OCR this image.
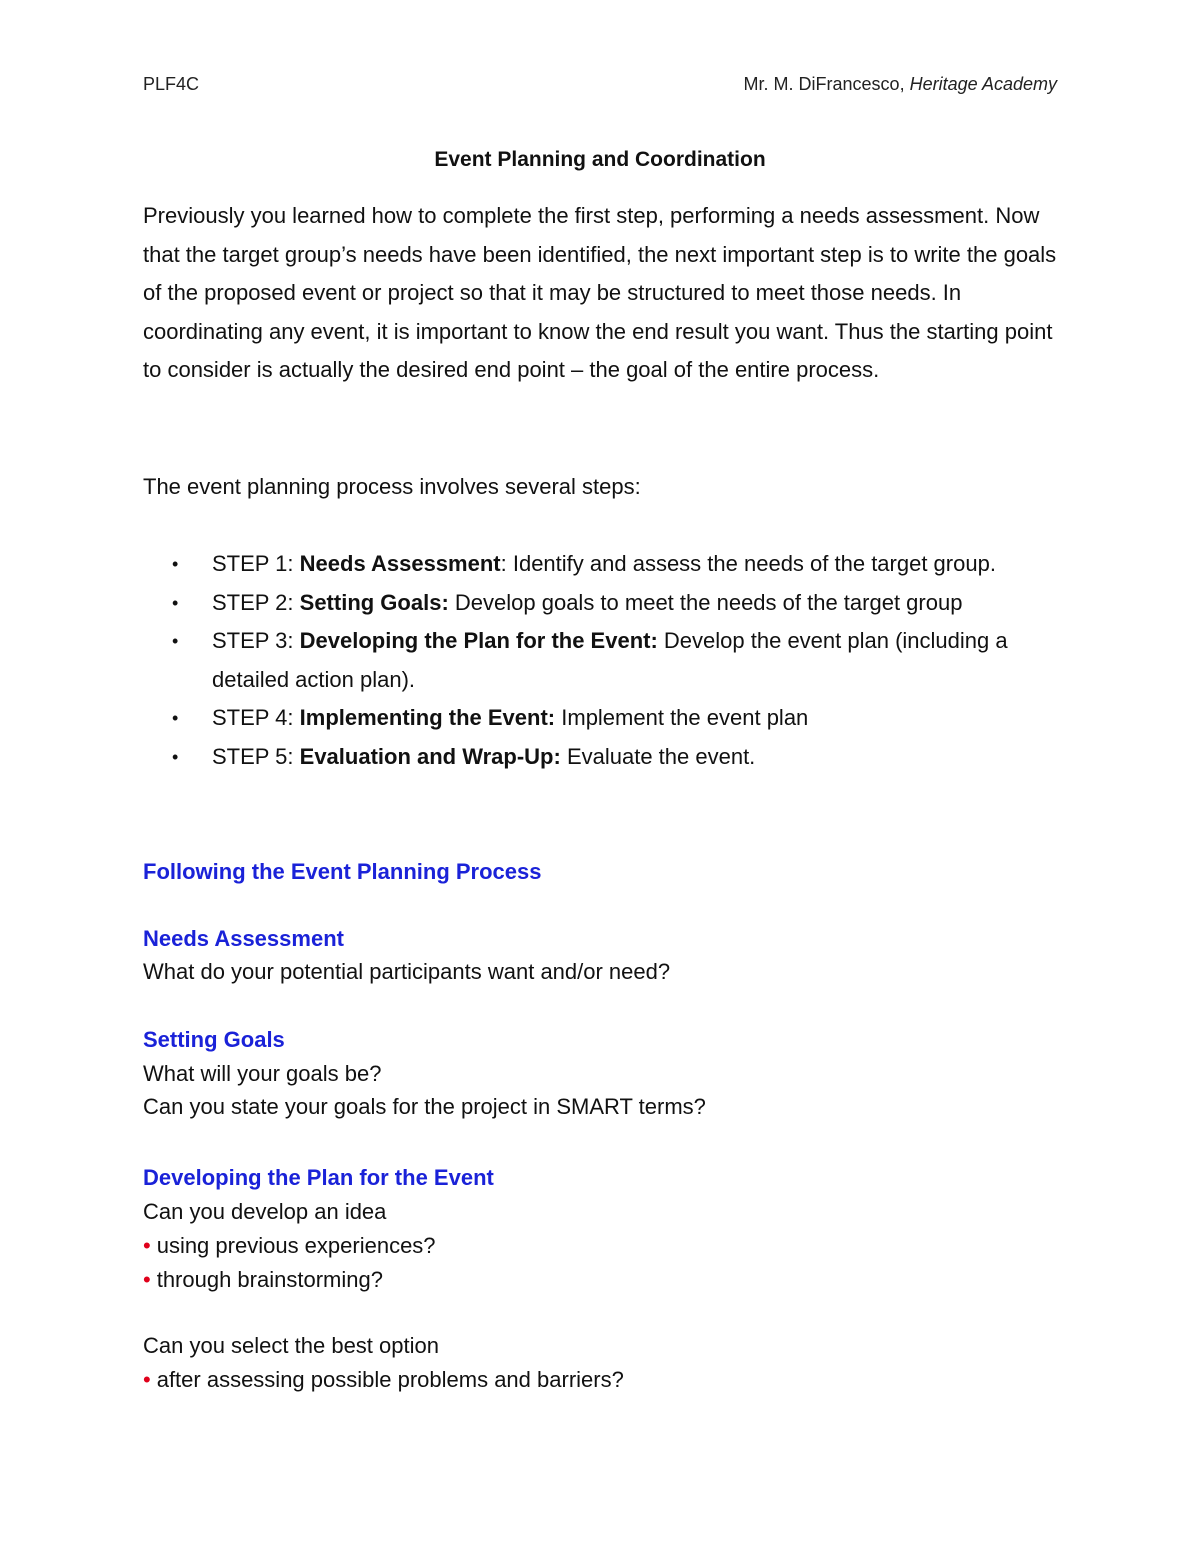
PLF4C	Mr. M. DiFrancesco, Heritage Academy
Event Planning and Coordination
Previously you learned how to complete the first step, performing a needs assessment. Now that the target group’s needs have been identified, the next important step is to write the goals of the proposed event or project so that it may be structured to meet those needs. In coordinating any event, it is important to know the end result you want. Thus the starting point to consider is actually the desired end point – the goal of the entire process.
The event planning process involves several steps:
• STEP 1: Needs Assessment: Identify and assess the needs of the target group.
• STEP 2: Setting Goals: Develop goals to meet the needs of the target group
• STEP 3: Developing the Plan for the Event: Develop the event plan (including a detailed action plan).
• STEP 4: Implementing the Event: Implement the event plan
• STEP 5: Evaluation and Wrap-Up: Evaluate the event.
Following the Event Planning Process
Needs Assessment
What do your potential participants want and/or need?
Setting Goals
What will your goals be?
Can you state your goals for the project in SMART terms?
Developing the Plan for the Event
Can you develop an idea
• using previous experiences?
• through brainstorming?
Can you select the best option
• after assessing possible problems and barriers?
